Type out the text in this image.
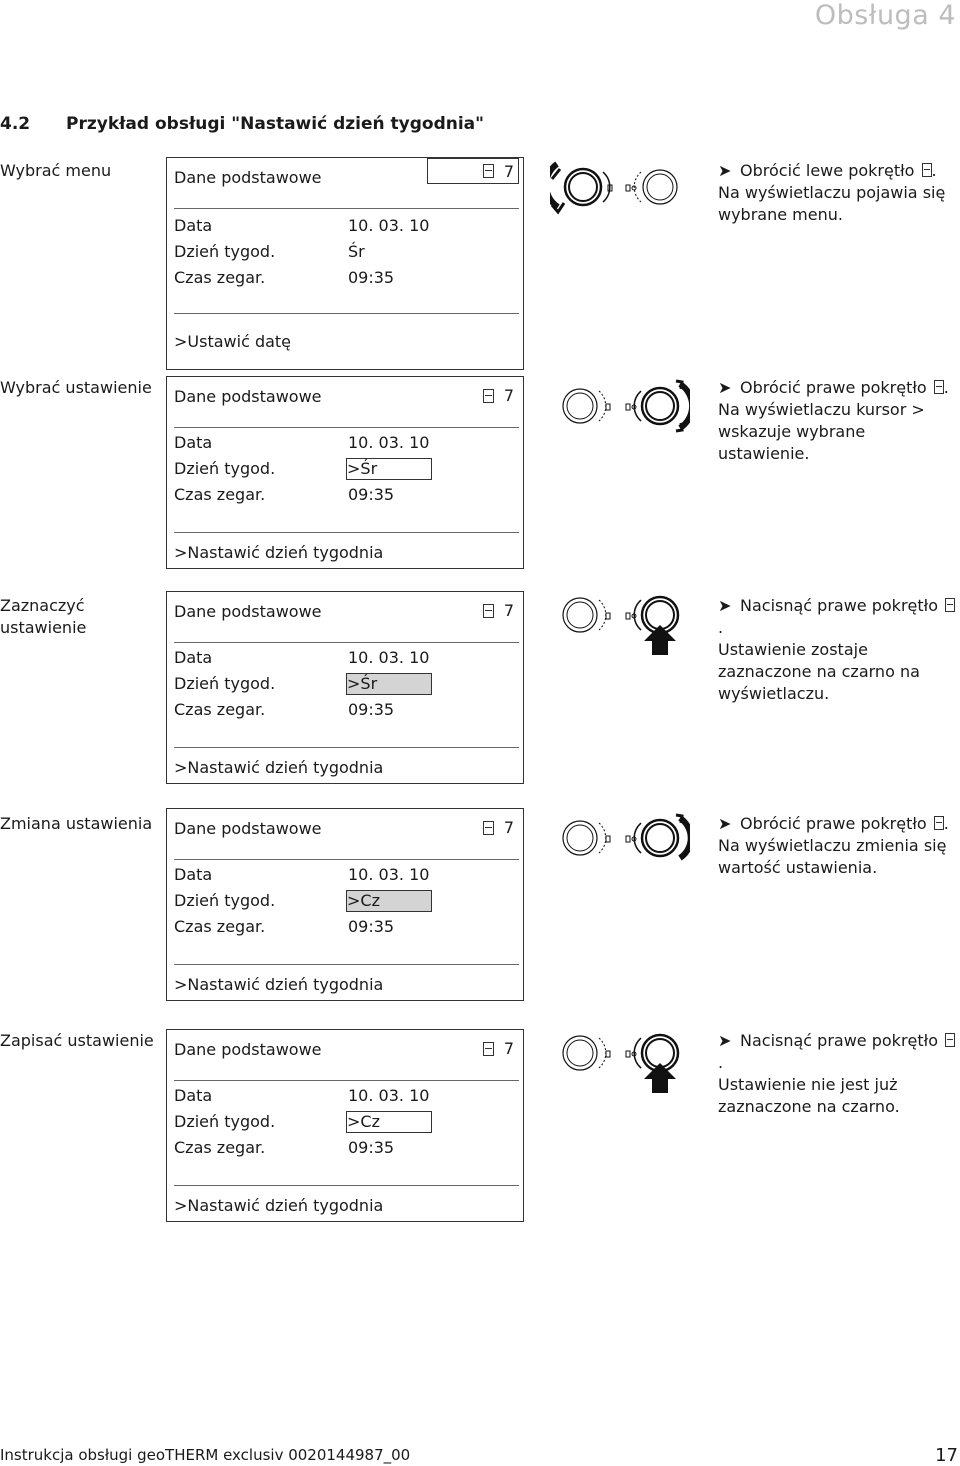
Obsługa 4
4.2 Przykład obsługi "Nastawić dzień tygodnia"
Wybrać menu	Dane podstawowe	7
Data	10. 03. 10
Dzień tygod.	Śr
Czas zegar.	09:35
>Ustawić datę
➤ Obrócić lewe pokrętło .
Na wyświetlaczu pojawia się wybrane menu.
Wybrać ustawienie	Dane podstawowe	7
Data	10. 03. 10
Dzień tygod.	>Śr
Czas zegar.	09:35
>Nastawić dzień tygodnia
➤ Obrócić prawe pokrętło .
Na wyświetlaczu kursor > wskazuje wybrane ustawienie.
Zaznaczyć ustawienie
Dane podstawowe	7
Data	10. 03. 10
Dzień tygod.	>Śr
Czas zegar.	09:35
>Nastawić dzień tygodnia
➤ Nacisnąć prawe pokrętło .
Ustawienie zostaje zaznaczone na czarno na wyświetlaczu.
Zmiana ustawienia	Dane podstawowe	7
Data	10. 03. 10
Dzień tygod.	>Cz
Czas zegar.	09:35
>Nastawić dzień tygodnia
➤ Obrócić prawe pokrętło .
Na wyświetlaczu zmienia się wartość ustawienia.
Zapisać ustawienie	Dane podstawowe	7
Data	10. 03. 10
Dzień tygod.	>Cz
Czas zegar.	09:35
>Nastawić dzień tygodnia
➤ Nacisnąć prawe pokrętło .
Ustawienie nie jest już zaznaczone na czarno.
Instrukcja obsługi geoTHERM exclusiv 0020144987_00	17
